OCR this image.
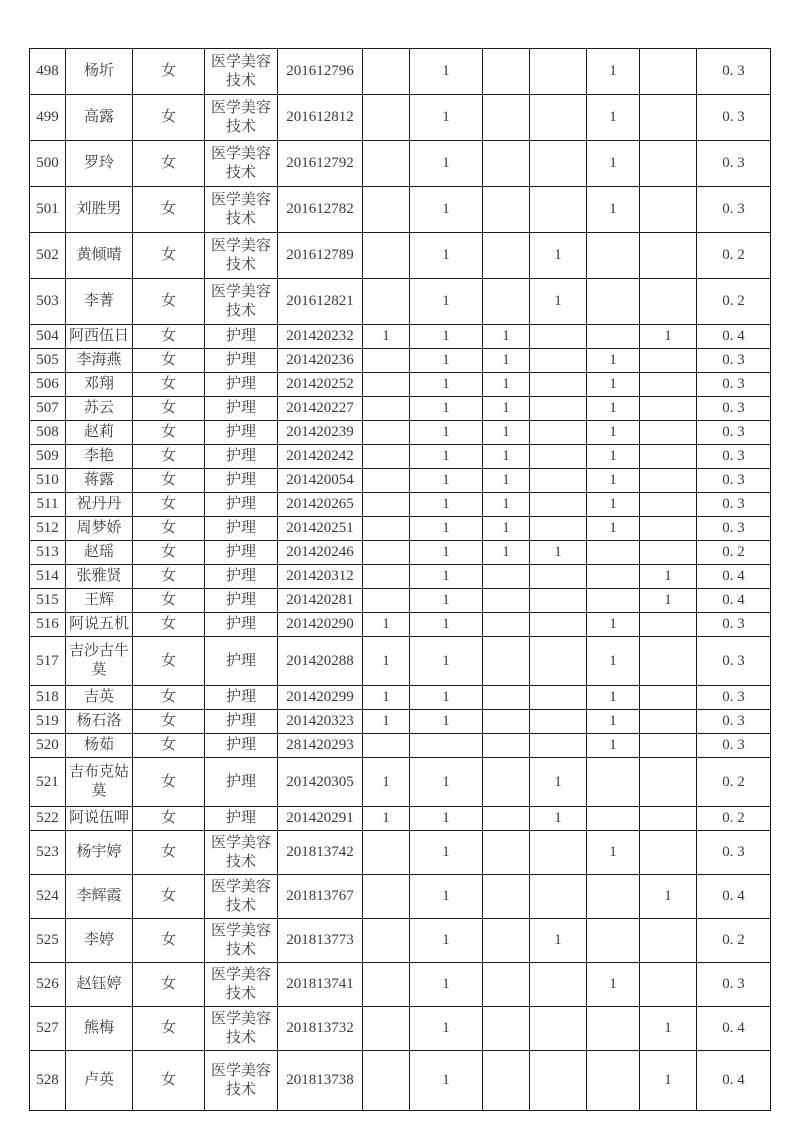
498	杨圻	女	医学美容技术	201612796		1			1		0. 3
499	高露	女	医学美容技术	201612812		1			1		0. 3
500	罗玲	女	医学美容技术	201612792		1			1		0. 3
501	刘胜男	女	医学美容技术	201612782		1			1		0. 3
502	黄倾晴	女	医学美容技术	201612789		1		1			0. 2
503	李菁	女	医学美容技术	201612821		1		1			0. 2
504	阿西伍日	女	护理	201420232	1	1	1			1	0. 4
505	李海燕	女	护理	201420236		1	1		1		0. 3
506	邓翔	女	护理	201420252		1	1		1		0. 3
507	苏云	女	护理	201420227		1	1		1		0. 3
508	赵莉	女	护理	201420239		1	1		1		0. 3
509	李艳	女	护理	201420242		1	1		1		0. 3
510	蒋露	女	护理	201420054		1	1		1		0. 3
511	祝丹丹	女	护理	201420265		1	1		1		0. 3
512	周梦娇	女	护理	201420251		1	1		1		0. 3
513	赵瑶	女	护理	201420246		1	1	1			0. 2
514	张雅贤	女	护理	201420312		1				1	0. 4
515	王辉	女	护理	201420281		1				1	0. 4
516	阿说五机	女	护理	201420290	1	1			1		0. 3
517	吉沙古牛莫	女	护理	201420288	1	1			1		0. 3
518	吉英	女	护理	201420299	1	1			1		0. 3
519	杨石洛	女	护理	201420323	1	1			1		0. 3
520	杨茹	女	护理	281420293					1		0. 3
521	吉布克姑莫	女	护理	201420305	1	1		1			0. 2
522	阿说伍呷	女	护理	201420291	1	1		1			0. 2
523	杨宇婷	女	医学美容技术	201813742		1			1		0. 3
524	李辉霞	女	医学美容技术	201813767		1				1	0. 4
525	李婷	女	医学美容技术	201813773		1		1			0. 2
526	赵钰婷	女	医学美容技术	201813741		1			1		0. 3
527	熊梅	女	医学美容技术	201813732		1				1	0. 4
528	卢英	女	医学美容技术	201813738		1				1	0. 4
